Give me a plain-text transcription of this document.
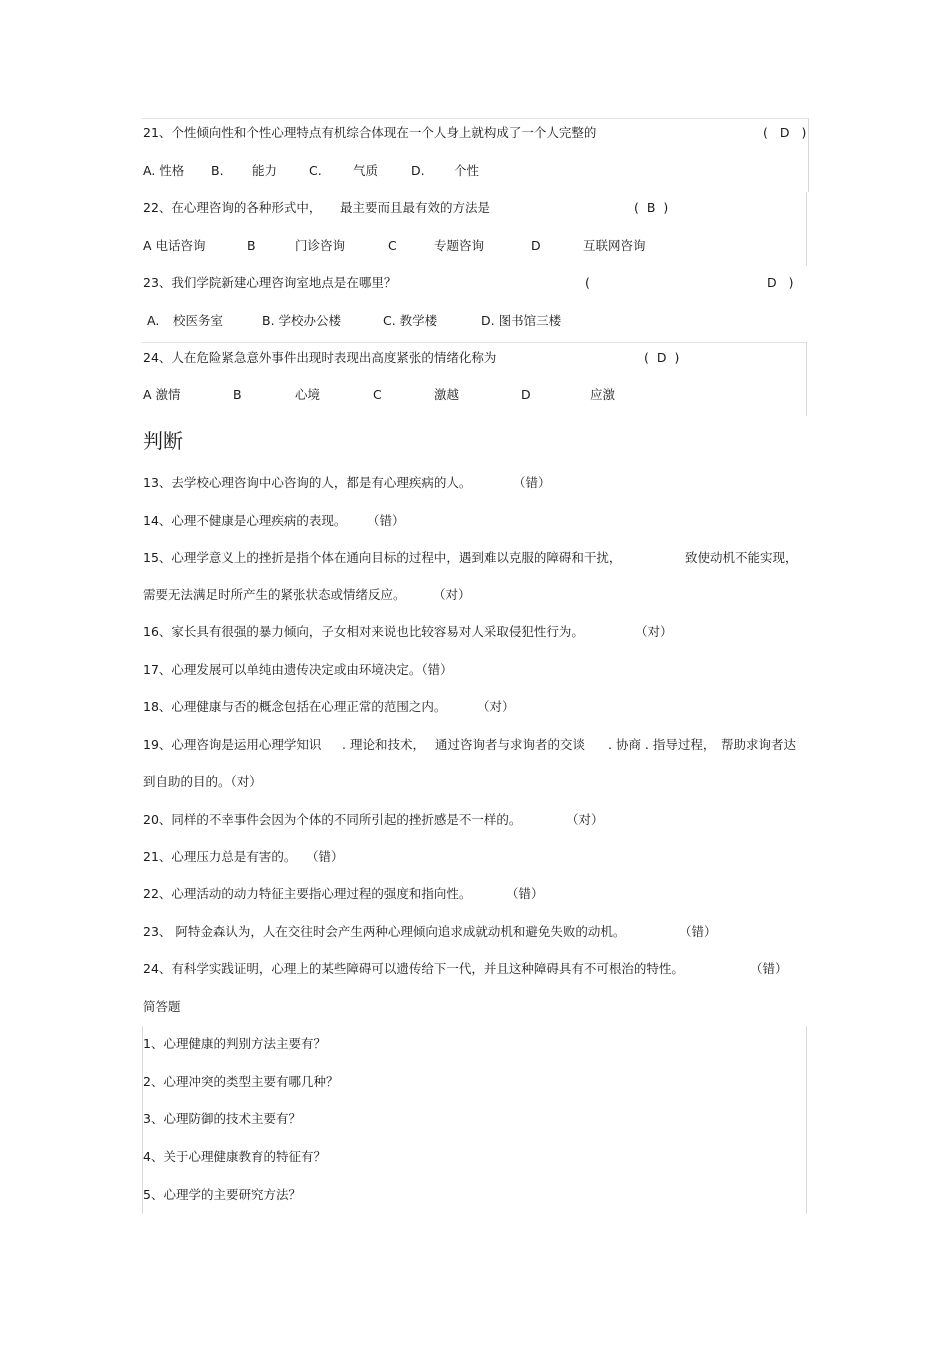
21、个性倾向性和个性心理特点有机综合体现在一个人身上就构成了一个人完整的	( D )
A. 性格 B. 能力	C.	气质	D. 个性
22、在心理咨询的各种形式中， 最主要而且最有效的方法是	( B )
A 电话咨询	B	门诊咨询	C	专题咨询	D	互联网咨询
23、我们学院新建心理咨询室地点是在哪里？	(	D )
A. 校医务室	B. 学校办公楼	C. 教学楼	D. 图书馆三楼
24、人在危险紧急意外事件出现时表现出高度紧张的情绪化称为	( D )
A 激情	B	心境	C	激越	D	应激
判断
13、去学校心理咨询中心咨询的人，都是有心理疾病的人。	（错）
14、心理不健康是心理疾病的表现。 （错）
15、心理学意义上的挫折是指个体在通向目标的过程中，遇到难以克服的障碍和干扰，	致使动机不能实现，
需要无法满足时所产生的紧张状态或情绪反应。 （对）
16、家长具有很强的暴力倾向，子女相对来说也比较容易对人采取侵犯性行为。	（对）
17、心理发展可以单纯由遗传决定或由环境决定。（错）
18、心理健康与否的概念包括在心理正常的范围之内。 （对）
19、心理咨询是运用心理学知识 . 理论和技术， 通过咨询者与求询者的交谈 . 协商 . 指导过程， 帮助求询者达
到自助的目的。（对）
20、同样的不幸事件会因为个体的不同所引起的挫折感是不一样的。	（对）
21、心理压力总是有害的。 （错）
22、心理活动的动力特征主要指心理过程的强度和指向性。	（错）
23、 阿特金森认为，人在交往时会产生两种心理倾向追求成就动机和避免失败的动机。	（错）
24、有科学实践证明，心理上的某些障碍可以遗传给下一代，并且这种障碍具有不可根治的特性。	（错）
简答题
1、心理健康的判别方法主要有？
2、心理冲突的类型主要有哪几种？
3、心理防御的技术主要有？
4、关于心理健康教育的特征有？
5、心理学的主要研究方法？
